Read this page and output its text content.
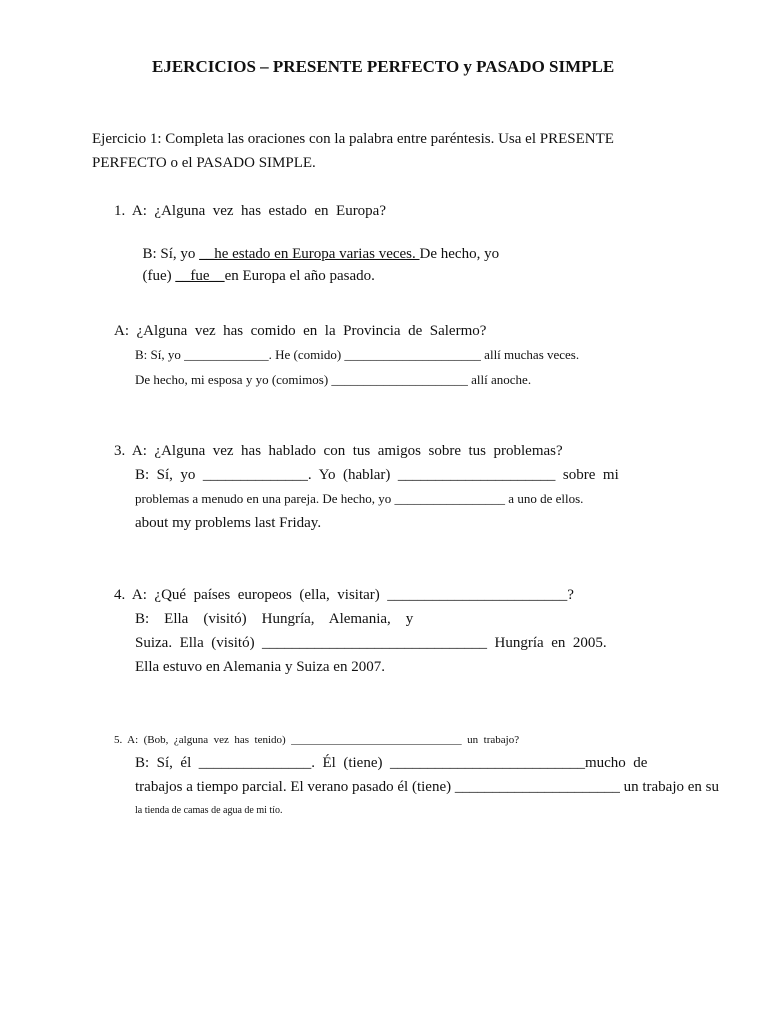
EJERCICIOS – PRESENTE PERFECTO y PASADO SIMPLE
Ejercicio 1: Completa las oraciones con la palabra entre paréntesis. Usa el PRESENTE
PERFECTO o el PASADO SIMPLE.
1.  A:  ¿Alguna  vez  has  estado  en  Europa?

B: Sí, yo __he estado en Europa varias veces. De hecho, yo

(fue) __fue__en Europa el año pasado.

A:  ¿Alguna  vez  has  comido  en  la  Provincia  de  Salermo?
B: Sí, yo _____________. He (comido) _____________________ allí muchas veces.
De hecho, mi esposa y yo (comimos) _____________________ allí anoche.
3.  A:  ¿Alguna  vez  has  hablado  con  tus  amigos  sobre  tus  problemas?
B:  Sí,  yo  ______________.  Yo  (hablar)  _____________________  sobre  mi
problemas a menudo en una pareja. De hecho, yo _________________ a uno de ellos.
about my problems last Friday.
4.  A:  ¿Qué  países  europeos  (ella,  visitar)  ________________________?
B:    Ella    (visitó)    Hungría,    Alemania,    y
Suiza.  Ella  (visitó)  ______________________________  Hungría  en  2005.
Ella estuvo en Alemania y Suiza en 2007.
5.  A:  (Bob,  ¿alguna  vez  has  tenido)  _______________________________  un  trabajo?
B:  Sí,  él  _______________.  Él  (tiene)  __________________________mucho  de
trabajos a tiempo parcial. El verano pasado él (tiene) ______________________ un trabajo en su
la tienda de camas de agua de mi tío.
